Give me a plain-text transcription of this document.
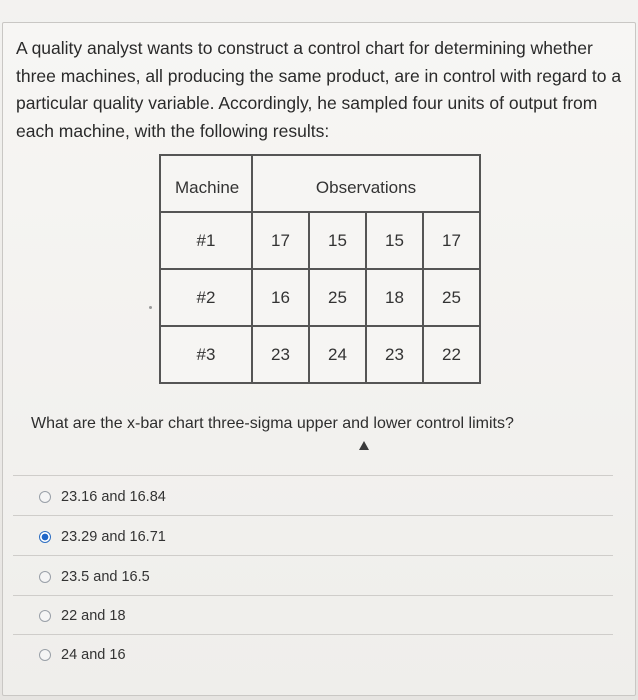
A quality analyst wants to construct a control chart for determining whether three machines, all producing the same product, are in control with regard to a particular quality variable. Accordingly, he sampled four units of output from each machine, with the following results:
Machine	Observations			
#1	17	15	15	17
#2	16	25	18	25
#3	23	24	23	22
What are the x-bar chart three-sigma upper and lower control limits?
23.16 and 16.84
23.29 and 16.71
23.5 and 16.5
22 and 18
24 and 16
